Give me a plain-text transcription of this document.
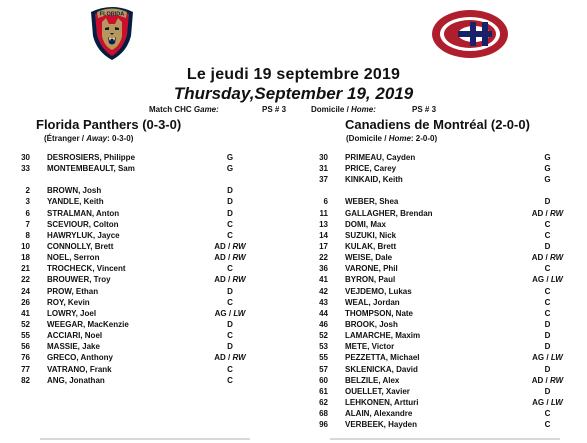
FLORIDA
Le jeudi 19 septembre 2019
Thursday,September 19, 2019
Match CHC Game:	PS # 3	Domicile / Home:	PS # 3
Florida Panthers (0-3-0)
(Étranger / Away: 0-3-0)
Canadiens de Montréal (2-0-0)
(Domicile / Home: 2-0-0)
30 DESROSIERS, Philippe	G
33 MONTEMBEAULT, Sam	G
2 BROWN, Josh	D
3 YANDLE, Keith	D
6 STRALMAN, Anton	D
7 SCEVIOUR, Colton	C
8 HAWRYLUK, Jayce	C
10 CONNOLLY, Brett	AD / RW
18 NOEL, Serron	AD / RW
21 TROCHECK, Vincent	C
22 BROUWER, Troy	AD / RW
24 PROW, Ethan	D
26 ROY, Kevin	C
41 LOWRY, Joel	AG / LW
52 WEEGAR, MacKenzie	D
55 ACCIARI, Noel	C
56 MASSIE, Jake	D
76 GRECO, Anthony	AD / RW
77 VATRANO, Frank	C
82 ANG, Jonathan	C
30 PRIMEAU, Cayden	G
31 PRICE, Carey	G
37 KINKAID, Keith	G
6 WEBER, Shea	D
11 GALLAGHER, Brendan	AD / RW
13 DOMI, Max	C
14 SUZUKI, Nick	C
17 KULAK, Brett	D
22 WEISE, Dale	AD / RW
36 VARONE, Phil	C
41 BYRON, Paul	AG / LW
42 VEJDEMO, Lukas	C
43 WEAL, Jordan	C
44 THOMPSON, Nate	C
46 BROOK, Josh	D
52 LAMARCHE, Maxim	D
53 METE, Victor	D
55 PEZZETTA, Michael	AG / LW
57 SKLENICKA, David	D
60 BELZILE, Alex	AD / RW
61 OUELLET, Xavier	D
62 LEHKONEN, Artturi	AG / LW
68 ALAIN, Alexandre	C
96 VERBEEK, Hayden	C
